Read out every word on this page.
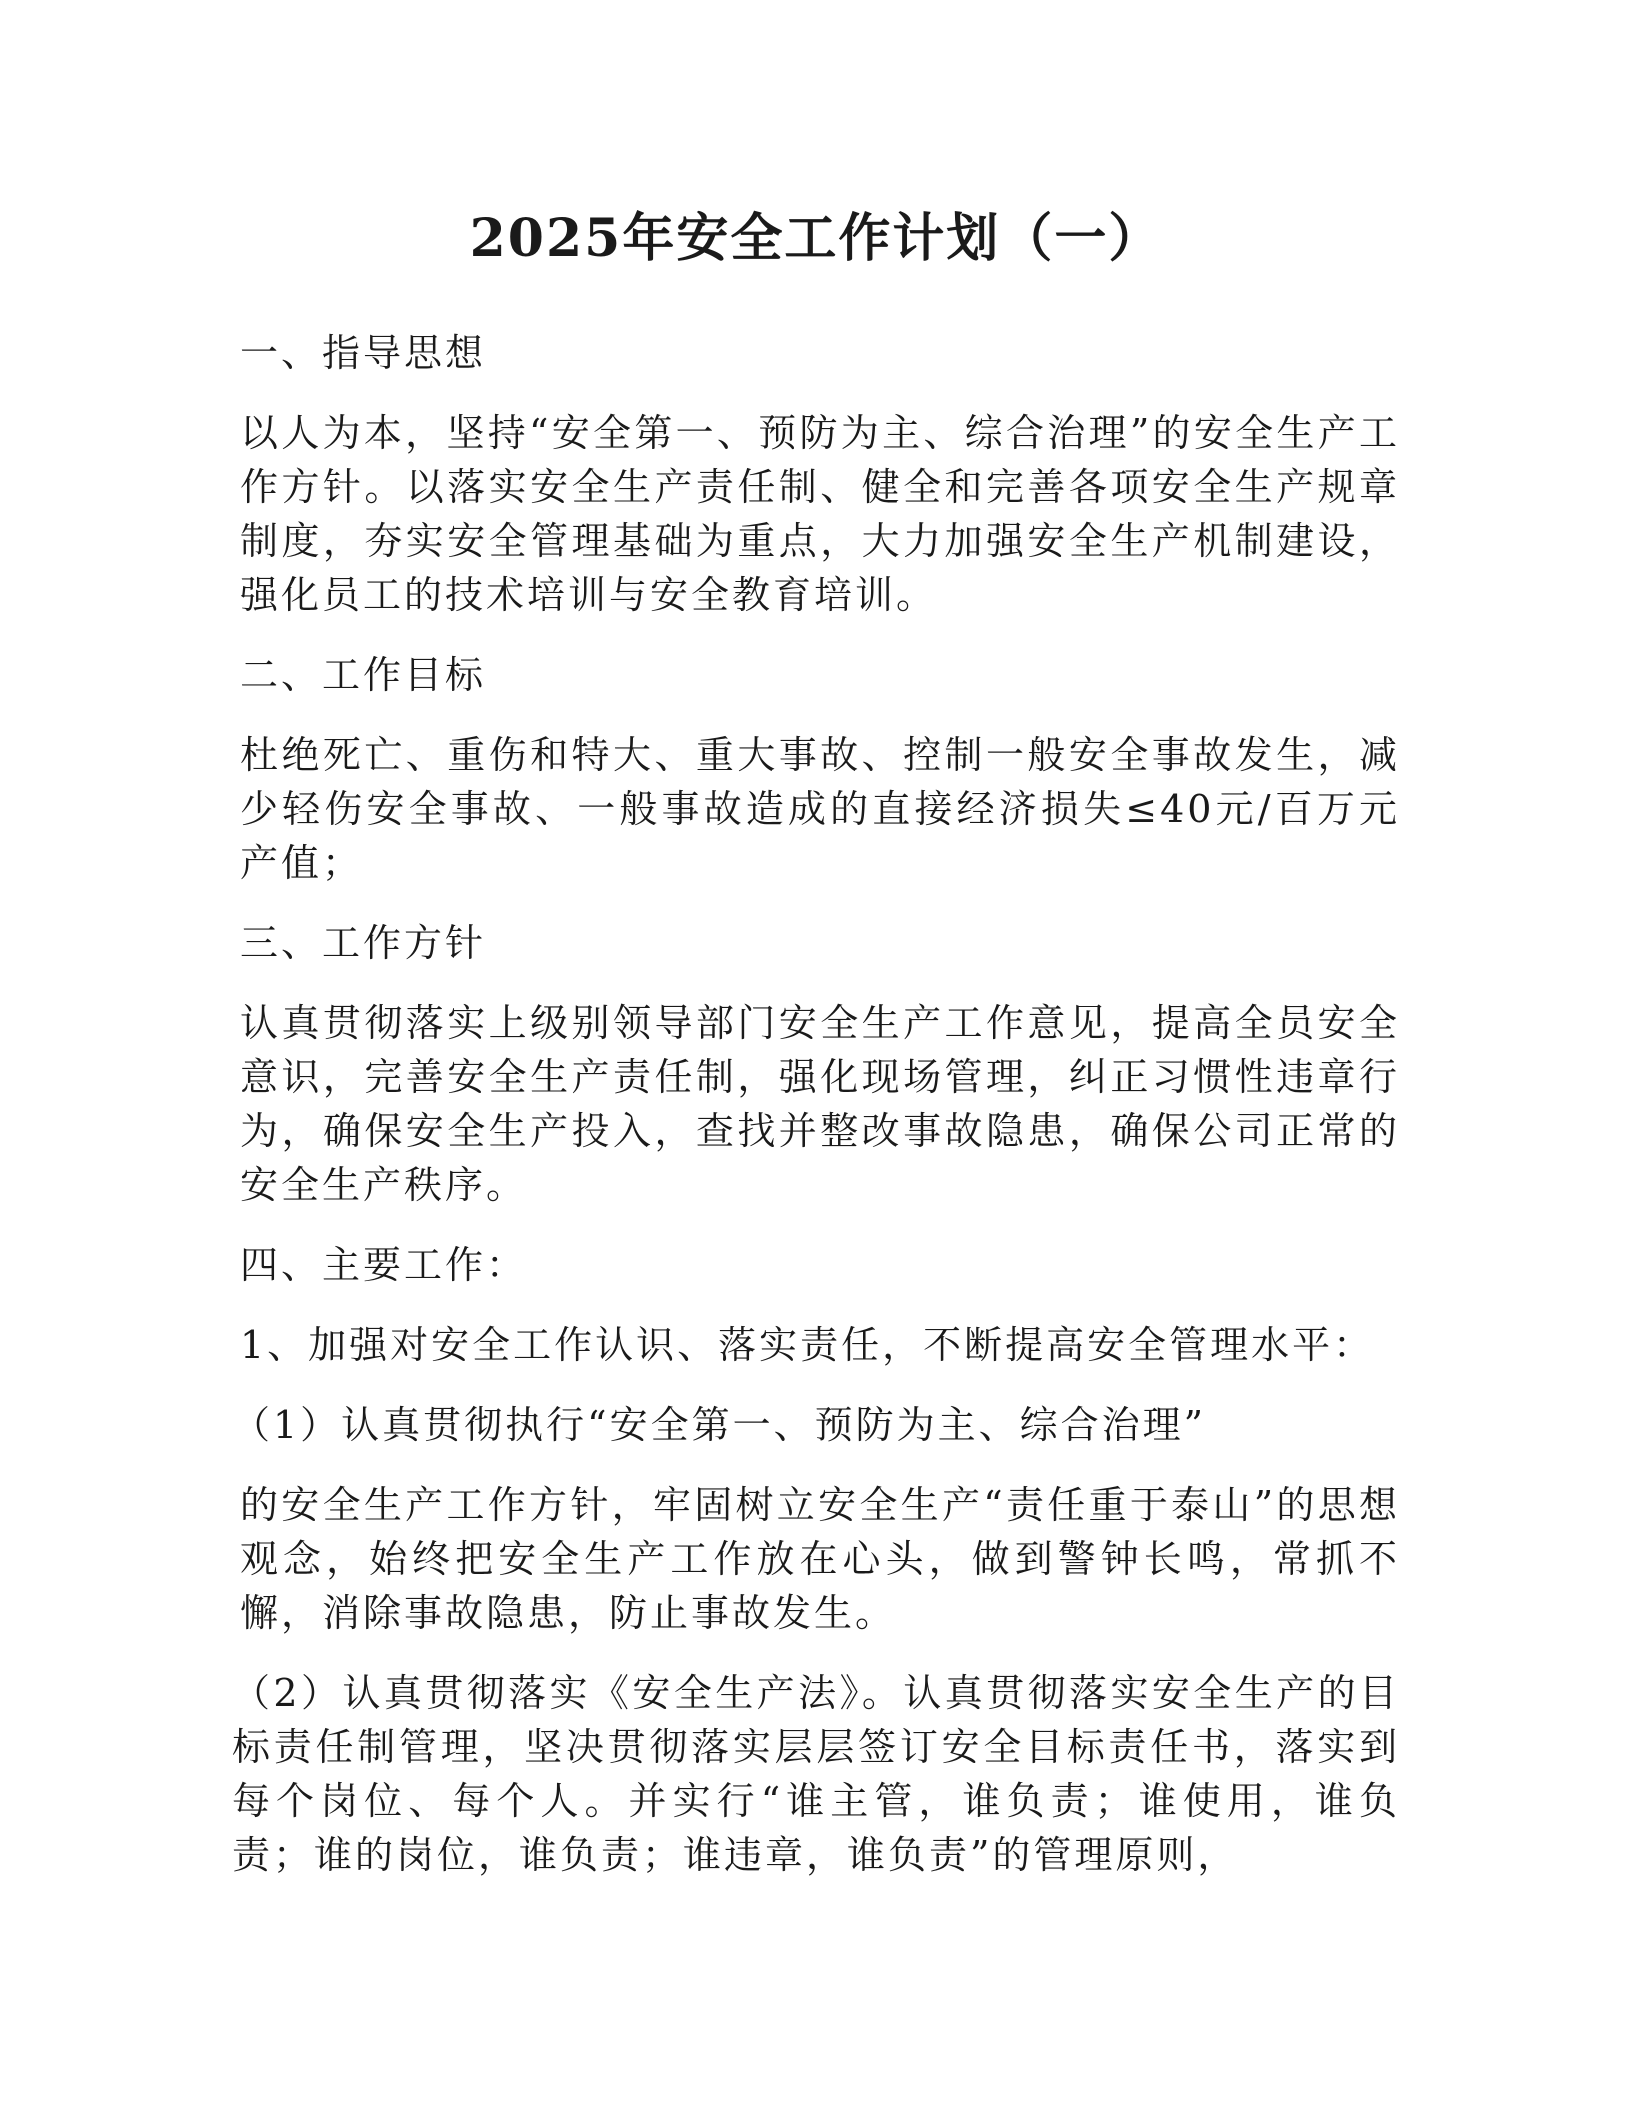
2025年安全工作计划（一）

一、指导思想

以人为本，坚持“安全第一、预防为主、综合治理”的安全生产工作方针。以落实安全生产责任制、健全和完善各项安全生产规章制度，夯实安全管理基础为重点，大力加强安全生产机制建设，强化员工的技术培训与安全教育培训。

二、工作目标

杜绝死亡、重伤和特大、重大事故、控制一般安全事故发生，减少轻伤安全事故、一般事故造成的直接经济损失≤40元/百万元产值；

三、工作方针

认真贯彻落实上级别领导部门安全生产工作意见，提高全员安全意识，完善安全生产责任制，强化现场管理，纠正习惯性违章行为，确保安全生产投入，查找并整改事故隐患，确保公司正常的安全生产秩序。

四、主要工作：

1、加强对安全工作认识、落实责任，不断提高安全管理水平：

（1）认真贯彻执行“安全第一、预防为主、综合治理”

的安全生产工作方针，牢固树立安全生产“责任重于泰山”的思想观念，始终把安全生产工作放在心头，做到警钟长鸣，常抓不懈，消除事故隐患，防止事故发生。

（2）认真贯彻落实《安全生产法》。认真贯彻落实安全生产的目标责任制管理，坚决贯彻落实层层签订安全目标责任书，落实到每个岗位、每个人。并实行“谁主管，谁负责；谁使用，谁负责；谁的岗位，谁负责；谁违章，谁负责”的管理原则，
